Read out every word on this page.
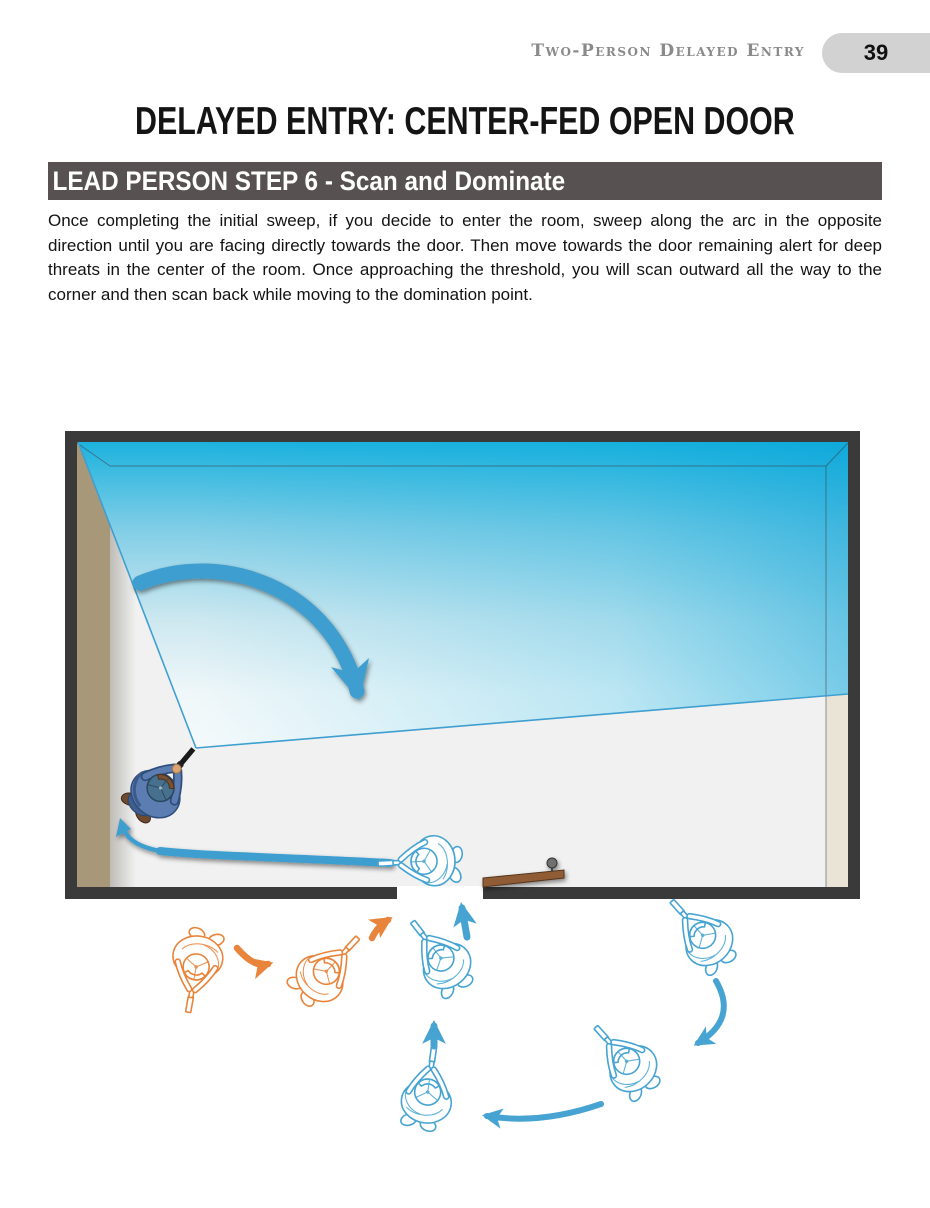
Two-Person Delayed Entry	39
DELAYED ENTRY: CENTER-FED OPEN DOOR
LEAD PERSON STEP 6 - Scan and Dominate
Once completing the initial sweep, if you decide to enter the room, sweep along the arc in the opposite direction until you are facing directly towards the door. Then move towards the door remaining alert for deep threats in the center of the room. Once approaching the threshold, you will scan outward all the way to the corner and then scan back while moving to the domination point.
